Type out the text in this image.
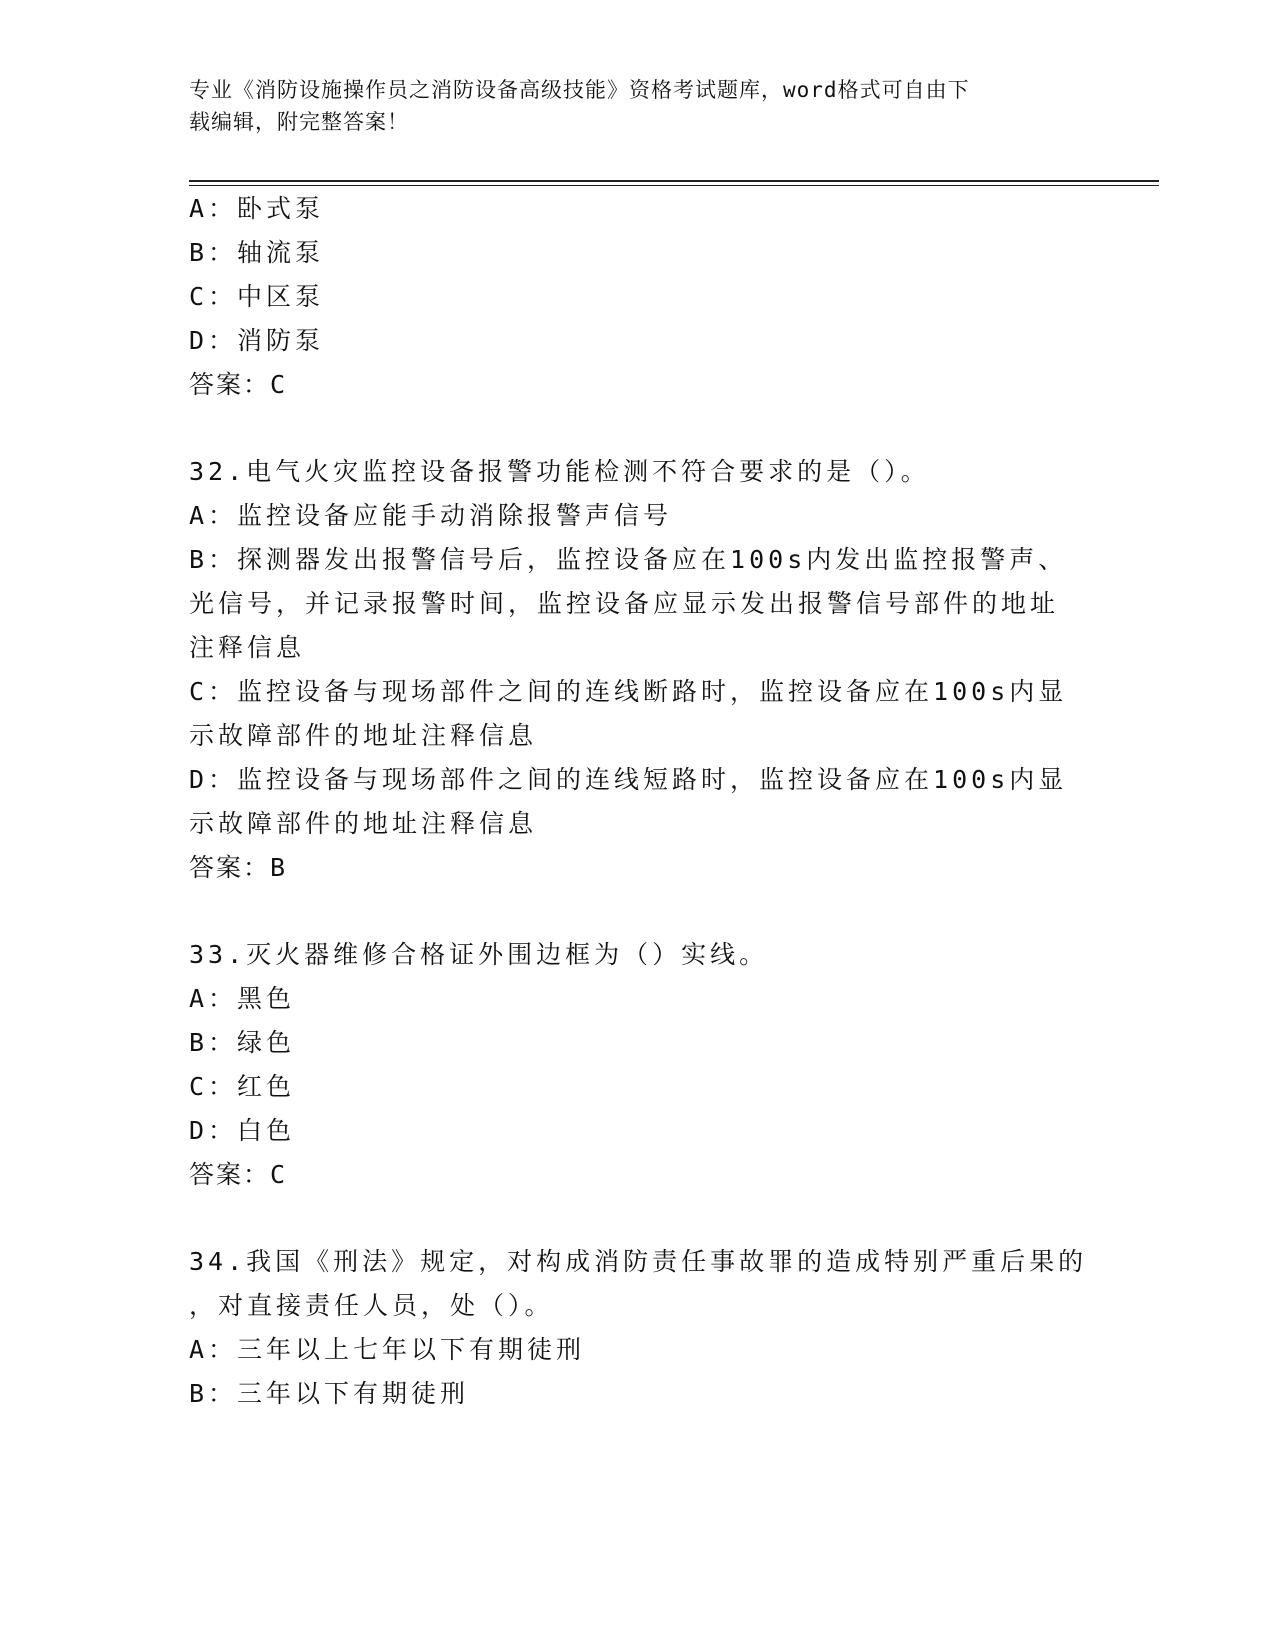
专业《消防设施操作员之消防设备高级技能》资格考试题库，word格式可自由下
载编辑，附完整答案！
A：卧式泵
B：轴流泵
C：中区泵
D：消防泵
答案：C
32.电气火灾监控设备报警功能检测不符合要求的是（）。
A：监控设备应能手动消除报警声信号
B：探测器发出报警信号后，监控设备应在100s内发出监控报警声、
光信号，并记录报警时间，监控设备应显示发出报警信号部件的地址
注释信息
C：监控设备与现场部件之间的连线断路时，监控设备应在100s内显
示故障部件的地址注释信息
D：监控设备与现场部件之间的连线短路时，监控设备应在100s内显
示故障部件的地址注释信息
答案：B
33.灭火器维修合格证外围边框为（）实线。
A：黑色
B：绿色
C：红色
D：白色
答案：C
34.我国《刑法》规定，对构成消防责任事故罪的造成特别严重后果的
，对直接责任人员，处（）。
A：三年以上七年以下有期徒刑
B：三年以下有期徒刑
